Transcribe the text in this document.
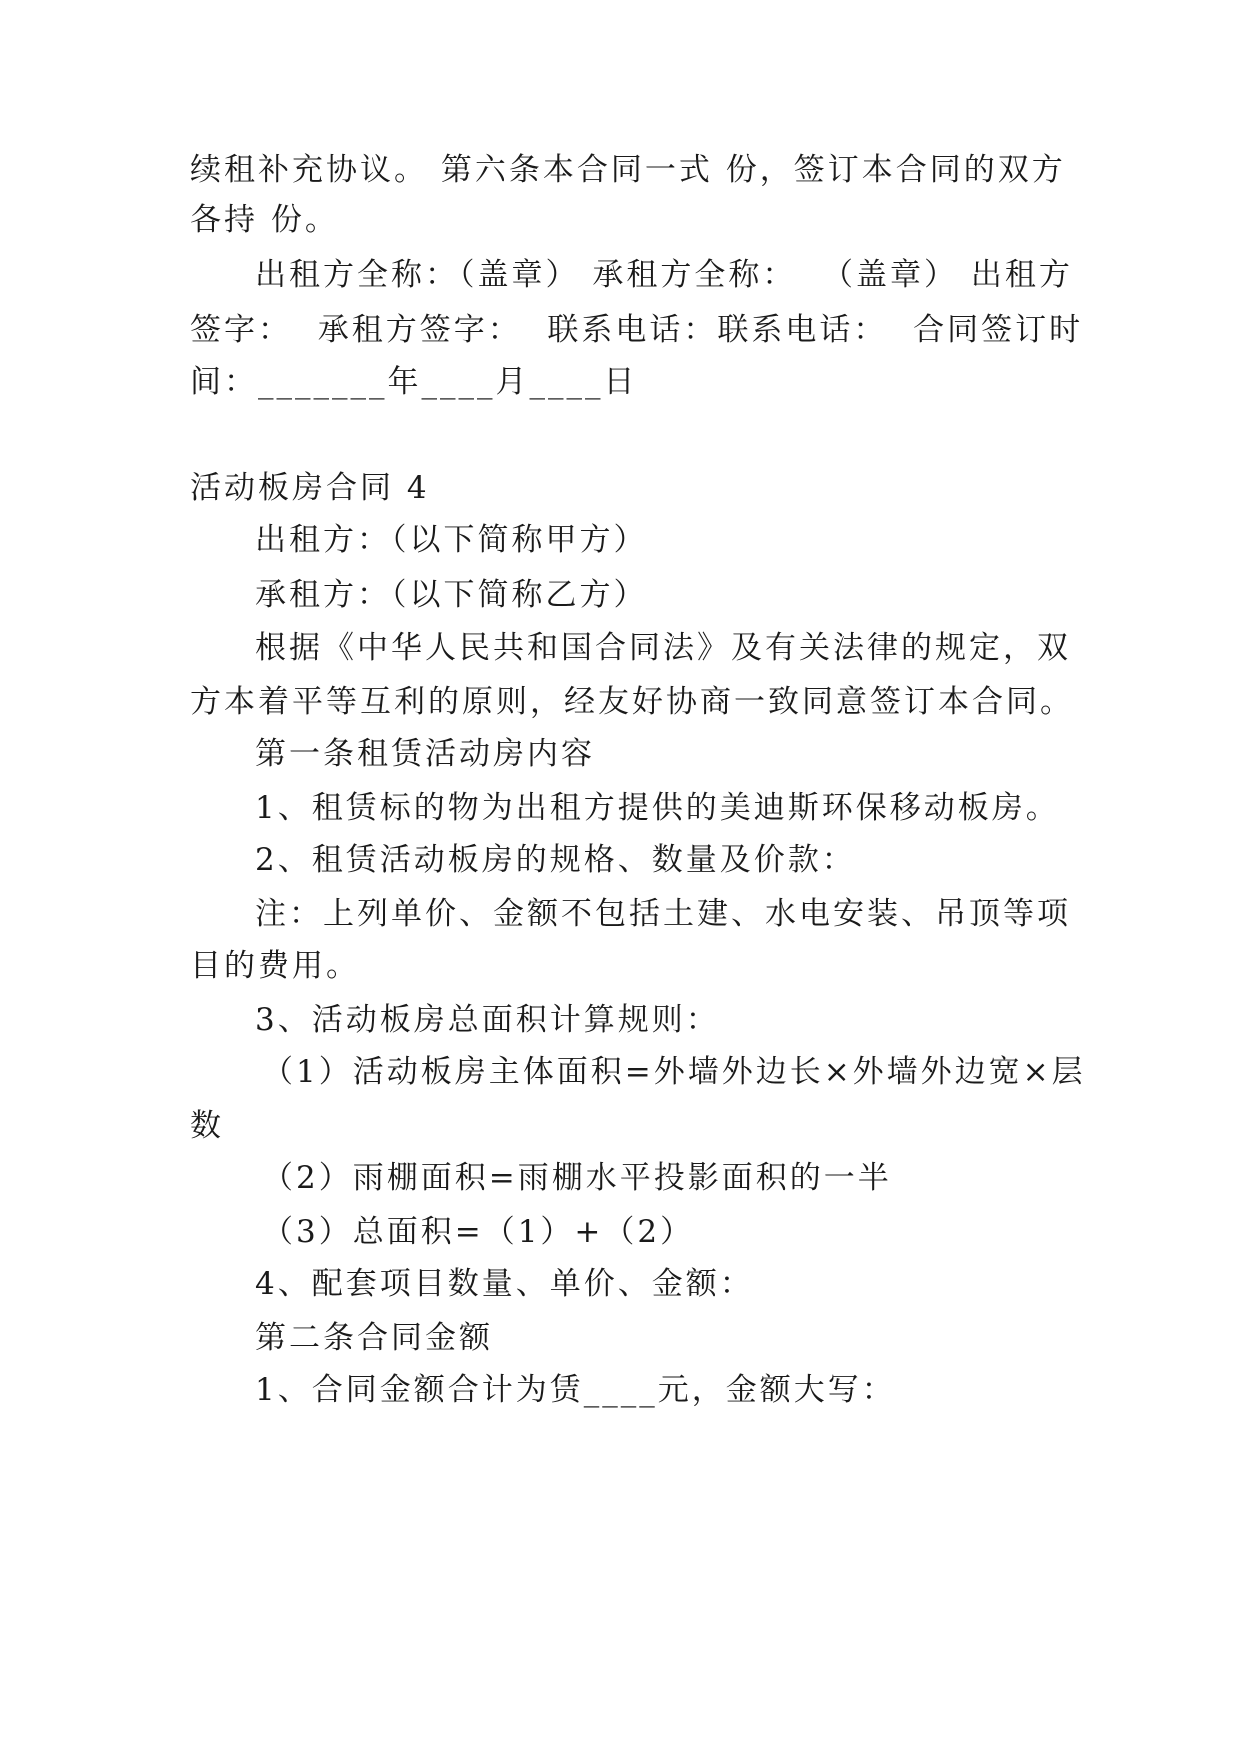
续租补充协议。 第六条本合同一式 份，签订本合同的双方
各持 份。
出租方全称：（盖章） 承租方全称：  （盖章） 出租方
签字：  承租方签字：  联系电话：联系电话：  合同签订时
间：_______年____月____日
活动板房合同 4
出租方：（以下简称甲方）
承租方：（以下简称乙方）
根据《中华人民共和国合同法》及有关法律的规定，双
方本着平等互利的原则，经友好协商一致同意签订本合同。
第一条租赁活动房内容
1、租赁标的物为出租方提供的美迪斯环保移动板房。
2、租赁活动板房的规格、数量及价款：
注：上列单价、金额不包括土建、水电安装、吊顶等项
目的费用。
3、活动板房总面积计算规则：
（1）活动板房主体面积=外墙外边长×外墙外边宽×层
数
（2）雨棚面积=雨棚水平投影面积的一半
（3）总面积=（1）+（2）
4、配套项目数量、单价、金额：
第二条合同金额
1、合同金额合计为赁____元，金额大写：
